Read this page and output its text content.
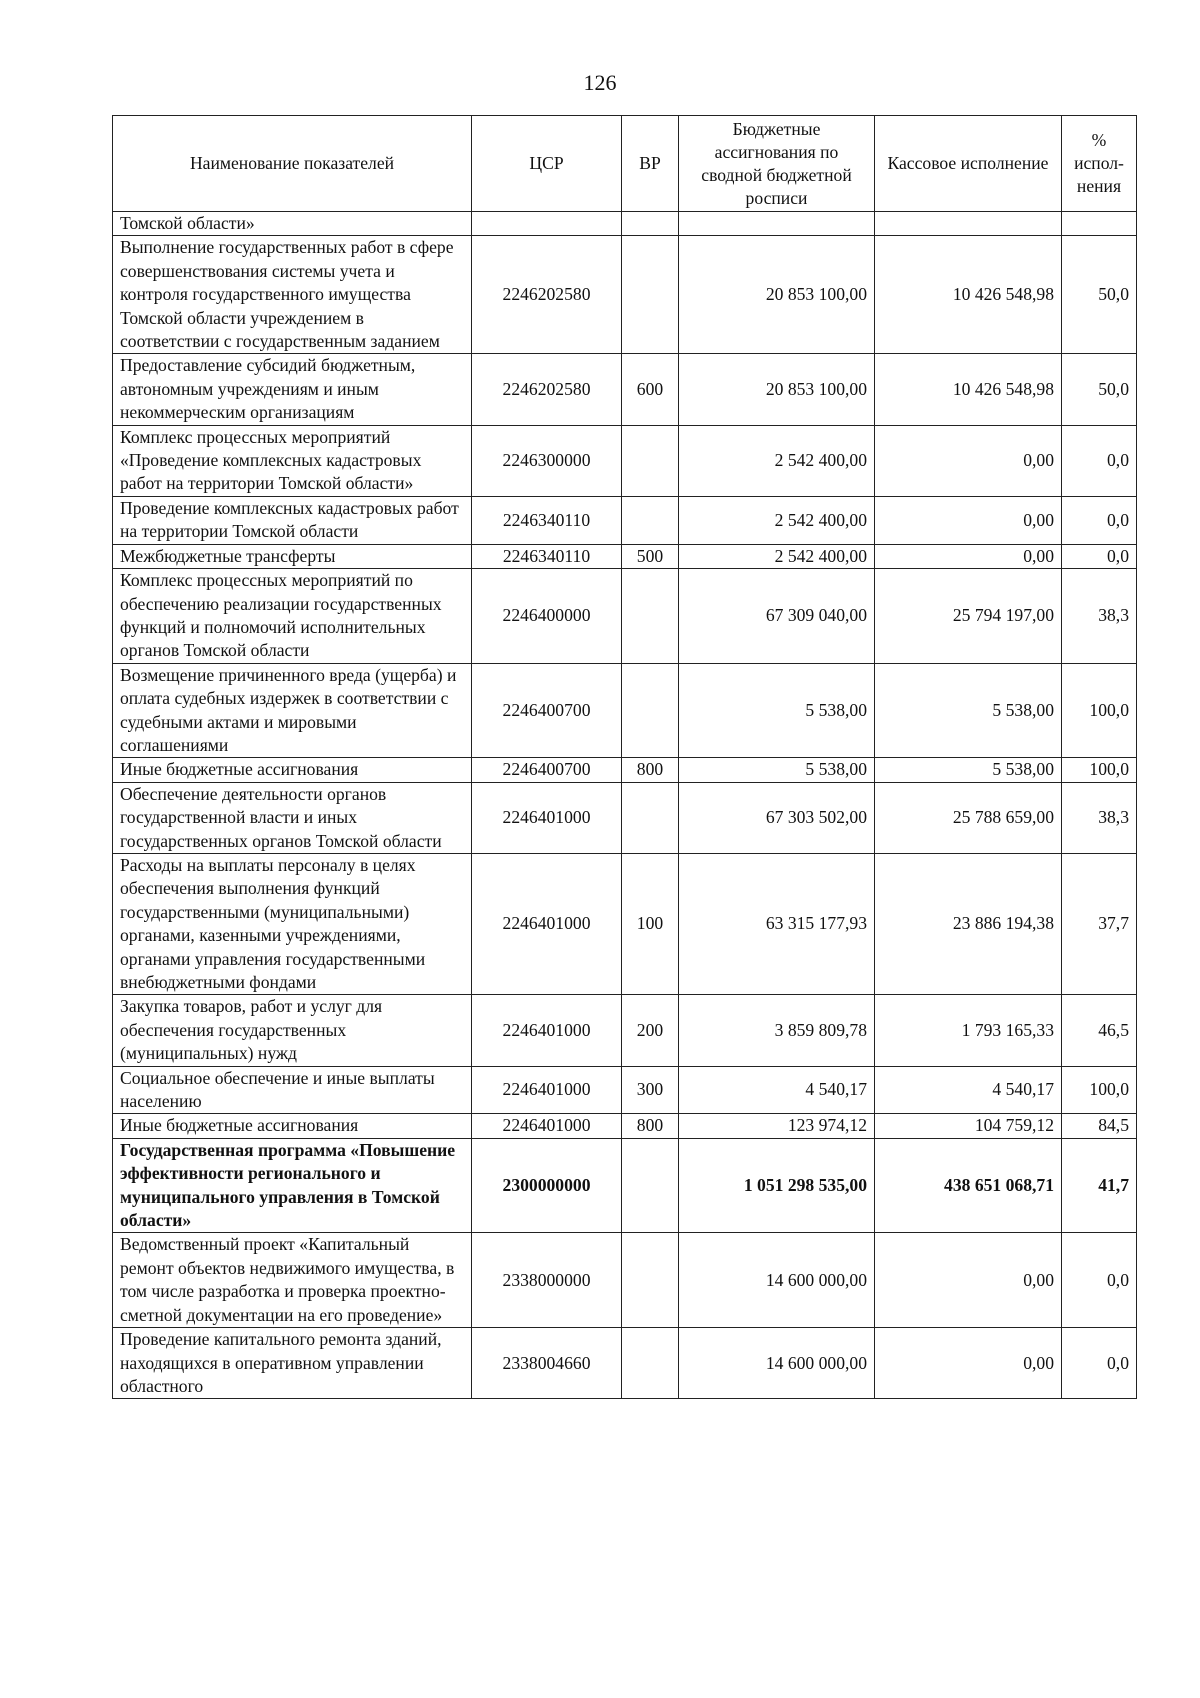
126
Наименование показателей	ЦСР	ВР	Бюджетные ассигнования по сводной бюджетной росписи	Кассовое исполнение	% испол-нения
Томской области»					
Выполнение государственных работ в сфере совершенствования системы учета и контроля государственного имущества Томской области учреждением в соответствии с государственным заданием	2246202580		20 853 100,00	10 426 548,98	50,0
Предоставление субсидий бюджетным, автономным учреждениям и иным некоммерческим организациям	2246202580	600	20 853 100,00	10 426 548,98	50,0
Комплекс процессных мероприятий «Проведение комплексных кадастровых работ на территории Томской области»	2246300000		2 542 400,00	0,00	0,0
Проведение комплексных кадастровых работ на территории Томской области	2246340110		2 542 400,00	0,00	0,0
Межбюджетные трансферты	2246340110	500	2 542 400,00	0,00	0,0
Комплекс процессных мероприятий по обеспечению реализации государственных функций и полномочий исполнительных органов Томской области	2246400000		67 309 040,00	25 794 197,00	38,3
Возмещение причиненного вреда (ущерба) и оплата судебных издержек в соответствии с судебными актами и мировыми соглашениями	2246400700		5 538,00	5 538,00	100,0
Иные бюджетные ассигнования	2246400700	800	5 538,00	5 538,00	100,0
Обеспечение деятельности органов государственной власти и иных государственных органов Томской области	2246401000		67 303 502,00	25 788 659,00	38,3
Расходы на выплаты персоналу в целях обеспечения выполнения функций государственными (муниципальными) органами, казенными учреждениями, органами управления государственными внебюджетными фондами	2246401000	100	63 315 177,93	23 886 194,38	37,7
Закупка товаров, работ и услуг для обеспечения государственных (муниципальных) нужд	2246401000	200	3 859 809,78	1 793 165,33	46,5
Социальное обеспечение и иные выплаты населению	2246401000	300	4 540,17	4 540,17	100,0
Иные бюджетные ассигнования	2246401000	800	123 974,12	104 759,12	84,5
Государственная программа «Повышение эффективности регионального и муниципального управления в Томской области»	2300000000		1 051 298 535,00	438 651 068,71	41,7
Ведомственный проект «Капитальный ремонт объектов недвижимого имущества, в том числе разработка и проверка проектно-сметной документации на его проведение»	2338000000		14 600 000,00	0,00	0,0
Проведение капитального ремонта зданий, находящихся в оперативном управлении областного	2338004660		14 600 000,00	0,00	0,0
